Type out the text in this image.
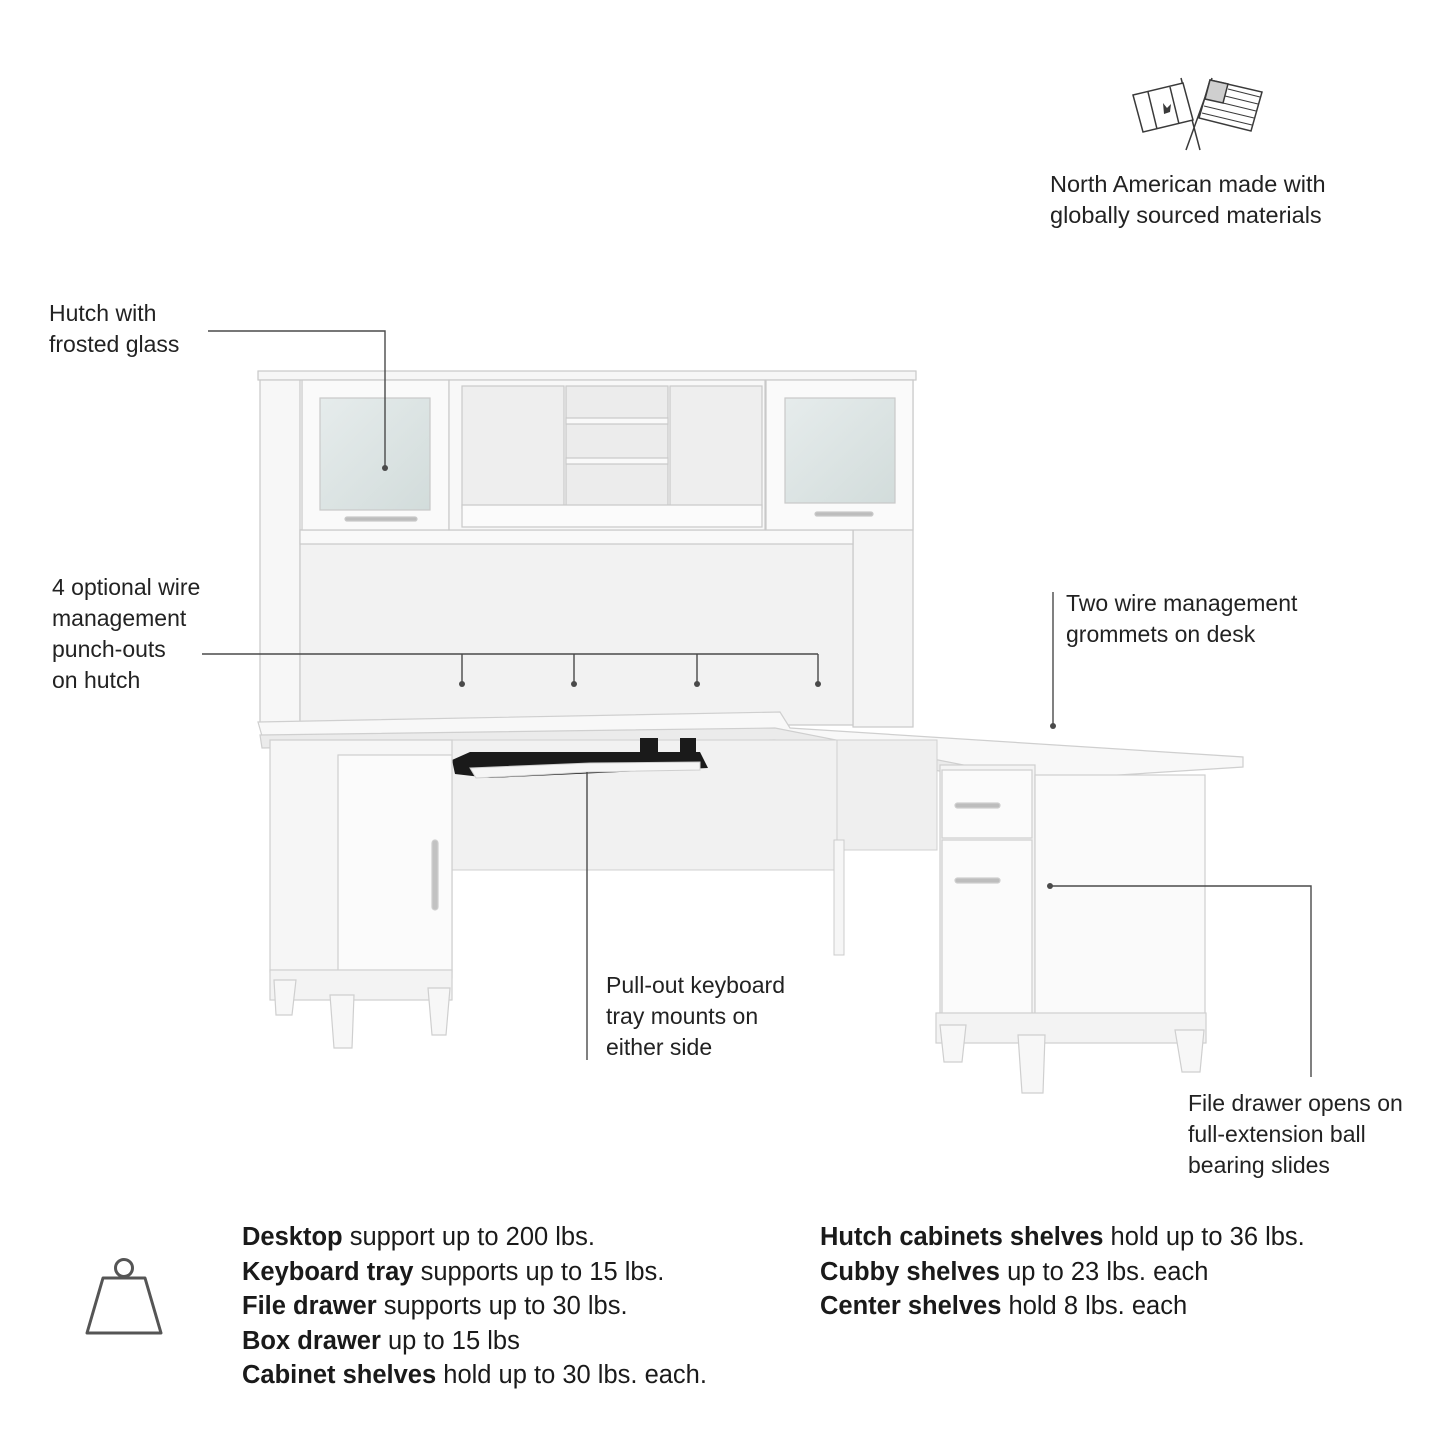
North American made with
globally sourced materials
Hutch with
frosted glass
4 optional wire
management
punch-outs
on hutch
Two wire management
grommets on desk
Pull-out keyboard
tray mounts on
either side
File drawer opens on
full-extension ball
bearing slides
Desktop support up to 200 lbs.
Keyboard tray supports up to 15 lbs.
File drawer supports up to 30 lbs.
Box drawer up to 15 lbs
Cabinet shelves hold up to 30 lbs. each.
Hutch cabinets shelves hold up to 36 lbs.
Cubby shelves up to 23 lbs. each
Center shelves hold 8 lbs. each
